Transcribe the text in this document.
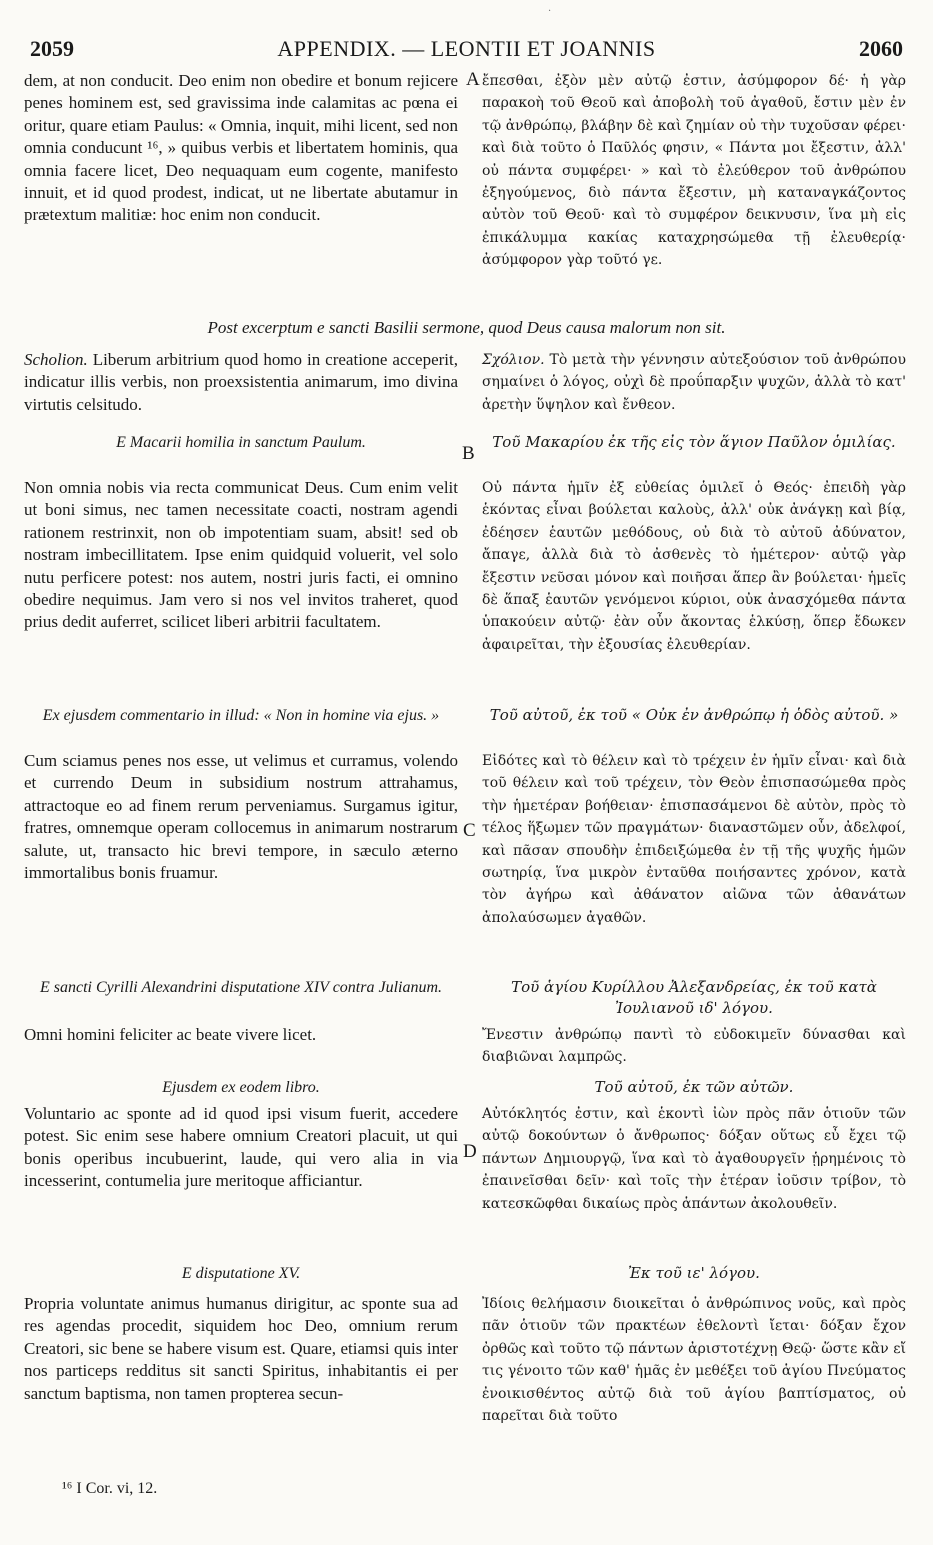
·
2059	APPENDIX. — LEONTII ET JOANNIS	2060
A
B
C
D
dem, at non conducit. Deo enim non obedire et bonum rejicere penes hominem est, sed gravissima inde calamitas ac pœna ei oritur, quare etiam Paulus: « Omnia, inquit, mihi licent, sed non omnia conducunt ¹⁶, » quibus verbis et libertatem hominis, qua omnia facere licet, Deo nequaquam eum cogente, manifesto innuit, et id quod prodest, indicat, ut ne libertate abutamur in prætextum malitiæ: hoc enim non conducit.
ἔπεσθαι, ἐξὸν μὲν αὐτῷ ἐστιν, ἀσύμφορον δέ· ἡ γὰρ παρακοὴ τοῦ Θεοῦ καὶ ἀποβολὴ τοῦ ἀγαθοῦ, ἔστιν μὲν ἐν τῷ ἀνθρώπῳ, βλάβην δὲ καὶ ζημίαν οὐ τὴν τυχοῦσαν φέρει· καὶ διὰ τοῦτο ὁ Παῦλός φησιν, « Πάντα μοι ἔξεστιν, ἀλλ' οὐ πάντα συμφέρει· » καὶ τὸ ἐλεύθερον τοῦ ἀνθρώπου ἐξηγούμενος, διὸ πάντα ἔξεστιν, μὴ καταναγκάζοντος αὐτὸν τοῦ Θεοῦ· καὶ τὸ συμφέρον δεικνυσιν, ἵνα μὴ εἰς ἐπικάλυμμα κακίας καταχρησώμεθα τῇ ἐλευθερίᾳ· ἀσύμφορον γὰρ τοῦτό γε.
Post excerptum e sancti Basilii sermone, quod Deus causa malorum non sit.
Scholion. Liberum arbitrium quod homo in creatione acceperit, indicatur illis verbis, non proexsistentia animarum, imo divina virtutis celsitudo.
Σχόλιον. Τὸ μετὰ τὴν γέννησιν αὐτεξούσιον τοῦ ἀνθρώπου σημαίνει ὁ λόγος, οὐχὶ δὲ προΰπαρξιν ψυχῶν, ἀλλὰ τὸ κατ' ἀρετὴν ὕψηλον καὶ ἔνθεον.
E Macarii homilia in sanctum Paulum.	Τοῦ Μακαρίου ἐκ τῆς εἰς τὸν ἅγιον Παῦλον ὁμιλίας.
Non omnia nobis via recta communicat Deus. Cum enim velit ut boni simus, nec tamen necessitate coacti, nostram agendi rationem restrinxit, non ob impotentiam suam, absit! sed ob nostram imbecillitatem. Ipse enim quidquid voluerit, vel solo nutu perficere potest: nos autem, nostri juris facti, ei omnino obedire nequimus. Jam vero si nos vel invitos traheret, quod prius dedit auferret, scilicet liberi arbitrii facultatem.
Οὐ πάντα ἡμῖν ἐξ εὐθείας ὁμιλεῖ ὁ Θεός· ἐπειδὴ γὰρ ἑκόντας εἶναι βούλεται καλοὺς, ἀλλ' οὐκ ἀνάγκῃ καὶ βίᾳ, ἐδέησεν ἑαυτῶν μεθόδους, οὐ διὰ τὸ αὐτοῦ ἀδύνατον, ἄπαγε, ἀλλὰ διὰ τὸ ἀσθενὲς τὸ ἡμέτερον· αὐτῷ γὰρ ἔξεστιν νεῦσαι μόνον καὶ ποιῆσαι ἅπερ ἂν βούλεται· ἡμεῖς δὲ ἅπαξ ἑαυτῶν γενόμενοι κύριοι, οὐκ ἀνασχόμεθα πάντα ὑπακούειν αὐτῷ· ἐὰν οὖν ἄκοντας ἑλκύσῃ, ὅπερ ἔδωκεν ἀφαιρεῖται, τὴν ἐξουσίας ἐλευθερίαν.
Ex ejusdem commentario in illud: « Non in homine via ejus. »	Τοῦ αὐτοῦ, ἐκ τοῦ « Οὐκ ἐν ἀνθρώπῳ ἡ ὁδὸς αὐτοῦ. »
Cum sciamus penes nos esse, ut velimus et curramus, volendo et currendo Deum in subsidium nostrum attrahamus, attractoque eo ad finem rerum perveniamus. Surgamus igitur, fratres, omnemque operam collocemus in animarum nostrarum salute, ut, transacto hic brevi tempore, in sæculo æterno immortalibus bonis fruamur.
Εἰδότες καὶ τὸ θέλειν καὶ τὸ τρέχειν ἐν ἡμῖν εἶναι· καὶ διὰ τοῦ θέλειν καὶ τοῦ τρέχειν, τὸν Θεὸν ἐπισπασώμεθα πρὸς τὴν ἡμετέραν βοήθειαν· ἐπισπασάμενοι δὲ αὐτὸν, πρὸς τὸ τέλος ἥξωμεν τῶν πραγμάτων· διαναστῶμεν οὖν, ἀδελφοί, καὶ πᾶσαν σπουδὴν ἐπιδειξώμεθα ἐν τῇ τῆς ψυχῆς ἡμῶν σωτηρίᾳ, ἵνα μικρὸν ἐνταῦθα ποιήσαντες χρόνον, κατὰ τὸν ἀγήρω καὶ ἀθάνατον αἰῶνα τῶν ἀθανάτων ἀπολαύσωμεν ἀγαθῶν.
E sancti Cyrilli Alexandrini disputatione XIV contra Julianum.	Τοῦ ἁγίου Κυρίλλου Ἀλεξανδρείας, ἐκ τοῦ κατὰ Ἰουλιανοῦ ιδ' λόγου.
Omni homini feliciter ac beate vivere licet.	Ἔνεστιν ἀνθρώπῳ παντὶ τὸ εὐδοκιμεῖν δύνασθαι καὶ διαβιῶναι λαμπρῶς.
Ejusdem ex eodem libro.	Τοῦ αὐτοῦ, ἐκ τῶν αὐτῶν.
Voluntario ac sponte ad id quod ipsi visum fuerit, accedere potest. Sic enim sese habere omnium Creatori placuit, ut qui bonis operibus incubuerint, laude, qui vero alia in via incesserint, contumelia jure meritoque afficiantur.
Αὐτόκλητός ἐστιν, καὶ ἑκοντὶ ἰὼν πρὸς πᾶν ὁτιοῦν τῶν αὐτῷ δοκούντων ὁ ἄνθρωπος· δόξαν οὕτως εὖ ἔχει τῷ πάντων Δημιουργῷ, ἵνα καὶ τὸ ἀγαθουργεῖν ᾑρημένοις τὸ ἐπαινεῖσθαι δεῖν· καὶ τοῖς τὴν ἑτέραν ἰοῦσιν τρίβον, τὸ κατεσκῶφθαι δικαίως πρὸς ἁπάντων ἀκολουθεῖν.
E disputatione XV.	Ἐκ τοῦ ιε' λόγου.
Propria voluntate animus humanus dirigitur, ac sponte sua ad res agendas procedit, siquidem hoc Deo, omnium rerum Creatori, sic bene se habere visum est. Quare, etiamsi quis inter nos particeps redditus sit sancti Spiritus, inhabitantis ei per sanctum baptisma, non tamen propterea secun-
Ἰδίοις θελήμασιν διοικεῖται ὁ ἀνθρώπινος νοῦς, καὶ πρὸς πᾶν ὁτιοῦν τῶν πρακτέων ἐθελοντὶ ἴεται· δόξαν ἔχον ὀρθῶς καὶ τοῦτο τῷ πάντων ἀριστοτέχνῃ Θεῷ· ὥστε κἂν εἴ τις γένοιτο τῶν καθ' ἡμᾶς ἐν μεθέξει τοῦ ἁγίου Πνεύματος ἐνοικισθέντος αὐτῷ διὰ τοῦ ἁγίου βαπτίσματος, οὐ παρεῖται διὰ τοῦτο
¹⁶ I Cor. vi, 12.
